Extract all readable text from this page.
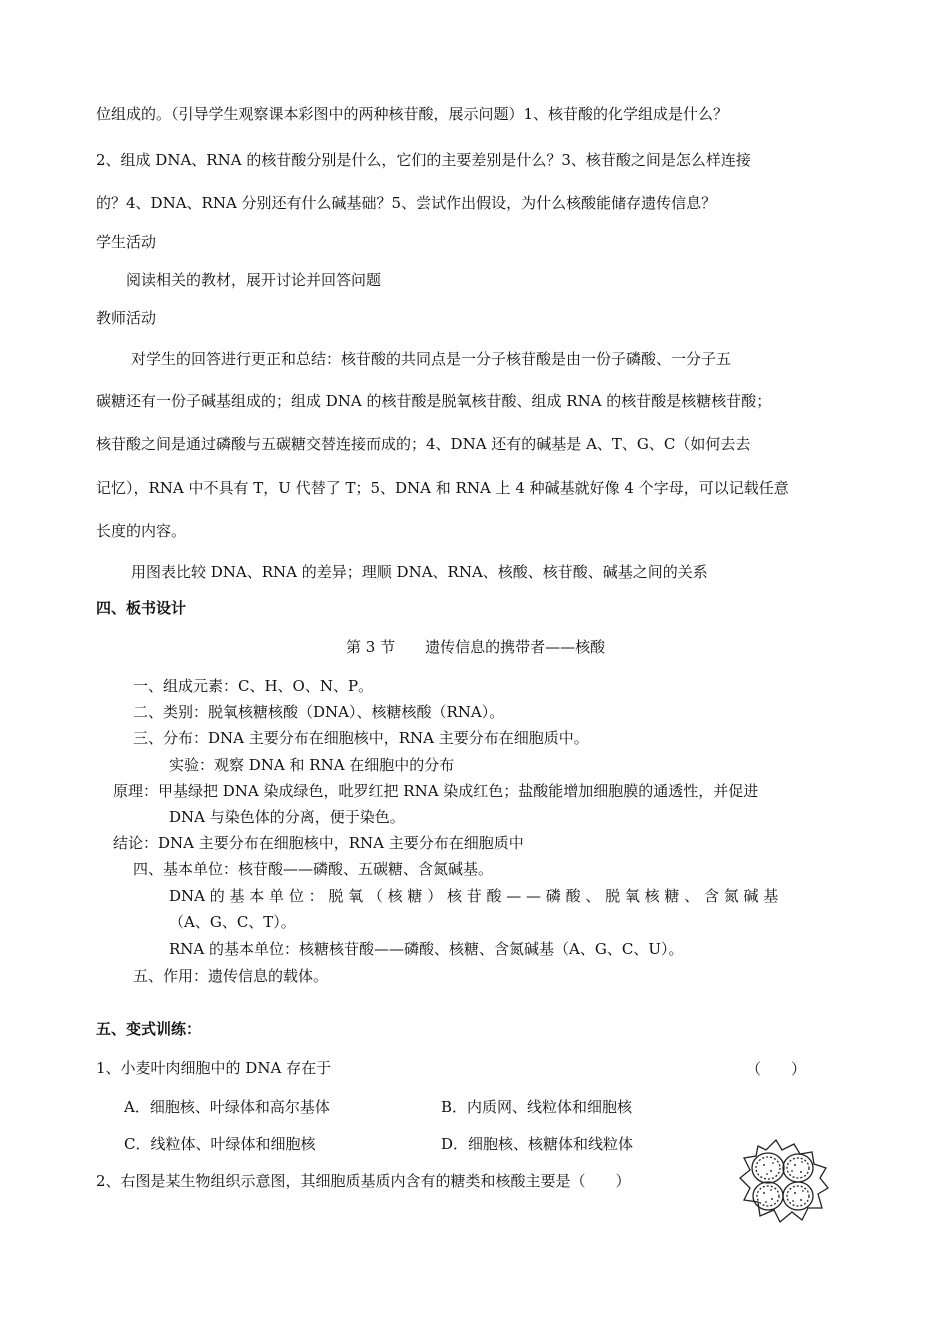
位组成的。（引导学生观察课本彩图中的两种核苷酸，展示问题）1、核苷酸的化学组成是什么？
2、组成 DNA、RNA 的核苷酸分别是什么，它们的主要差别是什么？3、核苷酸之间是怎么样连接
的？4、DNA、RNA 分别还有什么碱基础？5、尝试作出假设，为什么核酸能储存遗传信息？
学生活动
阅读相关的教材，展开讨论并回答问题
教师活动
对学生的回答进行更正和总结：核苷酸的共同点是一分子核苷酸是由一份子磷酸、一分子五
碳糖还有一份子碱基组成的；组成 DNA 的核苷酸是脱氧核苷酸、组成 RNA 的核苷酸是核糖核苷酸；
核苷酸之间是通过磷酸与五碳糖交替连接而成的；4、DNA 还有的碱基是 A、T、G、C（如何去去
记忆），RNA 中不具有 T，U 代替了 T；5、DNA 和 RNA 上 4 种碱基就好像 4 个字母，可以记载任意
长度的内容。
用图表比较 DNA、RNA 的差异；理顺 DNA、RNA、核酸、核苷酸、碱基之间的关系
四、板书设计
第 3 节　　遗传信息的携带者——核酸
一、组成元素：C、H、O、N、P。
二、类别：脱氧核糖核酸（DNA）、核糖核酸（RNA）。
三、分布：DNA 主要分布在细胞核中，RNA 主要分布在细胞质中。
实验：观察 DNA 和 RNA 在细胞中的分布
原理：甲基绿把 DNA 染成绿色，吡罗红把 RNA 染成红色；盐酸能增加细胞膜的通透性，并促进
DNA 与染色体的分离，便于染色。
结论：DNA 主要分布在细胞核中，RNA 主要分布在细胞质中
四、基本单位：核苷酸——磷酸、五碳糖、含氮碱基。
DNA 的 基 本 单 位 ： 脱 氧 （ 核 糖 ） 核 苷 酸 — — 磷 酸 、 脱 氧 核 糖 、 含 氮 碱 基
（A、G、C、T）。
RNA 的基本单位：核糖核苷酸——磷酸、核糖、含氮碱基（A、G、C、U）。
五、作用：遗传信息的载体。
五、变式训练：
1、小麦叶肉细胞中的 DNA 存在于	（　　）
A．细胞核、叶绿体和高尔基体	B．内质网、线粒体和细胞核
C．线粒体、叶绿体和细胞核	D．细胞核、核糖体和线粒体
2、右图是某生物组织示意图，其细胞质基质内含有的糖类和核酸主要是（　　）
